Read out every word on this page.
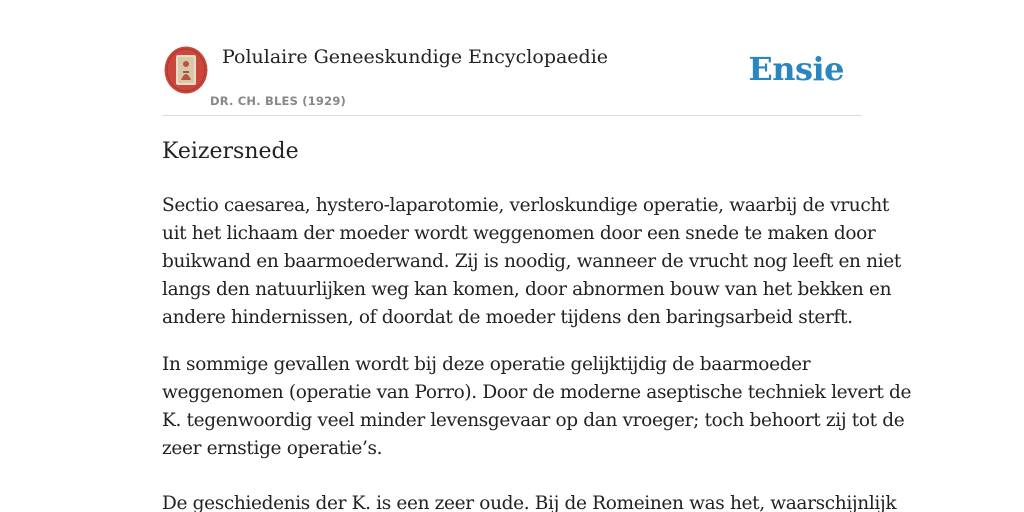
Polulaire Geneeskundige Encyclopaedie
DR. CH. BLES (1929)
Ensie
Keizersnede

Sectio caesarea, hystero-laparotomie, verloskundige operatie, waarbij de vrucht
uit het lichaam der moeder wordt weggenomen door een snede te maken door
buikwand en baarmoederwand. Zij is noodig, wanneer de vrucht nog leeft en niet
langs den natuurlijken weg kan komen, door abnormen bouw van het bekken en
andere hindernissen, of doordat de moeder tijdens den baringsarbeid sterft.

In sommige gevallen wordt bij deze operatie gelijktijdig de baarmoeder
weggenomen (operatie van Porro). Door de moderne aseptische techniek levert de
K. tegenwoordig veel minder levensgevaar op dan vroeger; toch behoort zij tot de
zeer ernstige operatie’s.

De geschiedenis der K. is een zeer oude. Bij de Romeinen was het, waarschijnlijk
